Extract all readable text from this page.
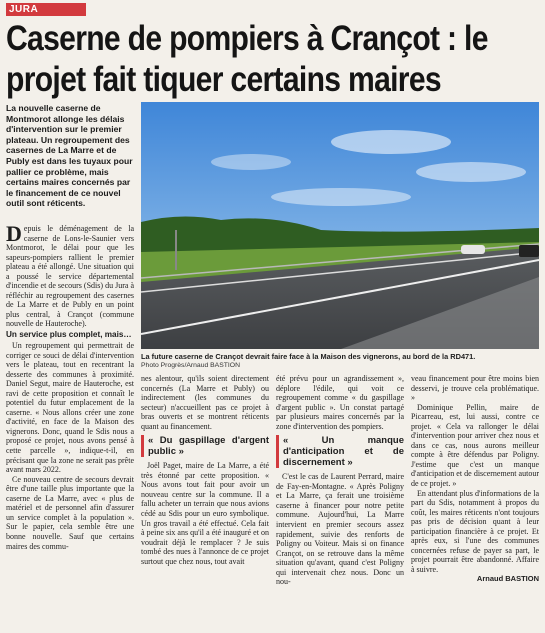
JURA
Caserne de pompiers à Crançot : le
projet fait tiquer certains maires
La nouvelle caserne de Montmorot allonge les délais d'intervention sur le premier plateau. Un regroupement des casernes de La Marre et de Publy est dans les tuyaux pour pallier ce problème, mais certains maires concernés par le financement de ce nouvel outil sont réticents.
La future caserne de Crançot devrait faire face à la Maison des vignerons, au bord de la RD471.
Photo Progrès/Arnaud BASTION

Depuis le déménagement de la caserne de Lons-le-Saunier vers Montmorot, le délai pour que les sapeurs-pompiers rallient le premier plateau a été allongé. Une situation qui a poussé le service départemental d'incendie et de secours (Sdis) du Jura à réfléchir au regroupement des casernes de La Marre et de Publy en un point plus central, à Crançot (commune nouvelle de Hauteroche).

Un service plus complet, mais…

Un regroupement qui permettrait de corriger ce souci de délai d'intervention vers le plateau, tout en recentrant la desserte des communes à proximité. Daniel Segut, maire de Hauteroche, est ravi de cette proposition et connaît le potentiel du futur emplacement de la caserne. « Nous allons créer une zone d'activité, en face de la Maison des vignerons. Donc, quand le Sdis nous a proposé ce projet, nous avons pensé à cette parcelle », indique-t-il, en précisant que la zone ne serait pas prête avant mars 2022.

Ce nouveau centre de secours devrait être d'une taille plus importante que la caserne de La Marre, avec « plus de matériel et de personnel afin d'assurer un service complet à la population ». Sur le papier, cela semble être une bonne nouvelle. Sauf que certains maires des commu-

nes alentour, qu'ils soient directement concernés (La Marre et Publy) ou indirectement (les communes du secteur) n'accueillent pas ce projet à bras ouverts et se montrent réticents quant au financement.

« Du gaspillage d'argent public »

Joël Paget, maire de La Marre, a été très étonné par cette proposition. « Nous avons tout fait pour avoir un nouveau centre sur la commune. Il a fallu acheter un terrain que nous avions cédé au Sdis pour un euro symbolique. Un gros travail a été effectué. Cela fait à peine six ans qu'il a été inauguré et on voudrait déjà le remplacer ? Je suis tombé des nues à l'annonce de ce projet surtout que chez nous, tout avait

été prévu pour un agrandissement », déplore l'édile, qui voit ce regroupement comme « du gaspillage d'argent public ». Un constat partagé par plusieurs maires concernés par la zone d'intervention des pompiers.

« Un manque d'anticipation et de discernement »

C'est le cas de Laurent Perrard, maire de Fay-en-Montagne. « Après Poligny et La Marre, ça ferait une troisième caserne à financer pour notre petite commune. Aujourd'hui, La Marre intervient en premier secours assez rapidement, suivie des renforts de Poligny ou Voiteur. Mais si on finance Crançot, on se retrouve dans la même situation qu'avant, quand c'est Poligny qui intervenait chez nous. Donc un nou-

veau financement pour être moins bien desservi, je trouve cela problématique. »

Dominique Pellin, maire de Picarreau, est, lui aussi, contre ce projet. « Cela va rallonger le délai d'intervention pour arriver chez nous et dans ce cas, nous aurons meilleur compte à être défendus par Poligny. J'estime que c'est un manque d'anticipation et de discernement autour de ce projet. »

En attendant plus d'informations de la part du Sdis, notamment à propos du coût, les maires réticents n'ont toujours pas pris de décision quant à leur participation financière à ce projet. Et après eux, si l'une des communes concernées refuse de payer sa part, le projet pourrait être abandonné. Affaire à suivre.

Arnaud BASTION
